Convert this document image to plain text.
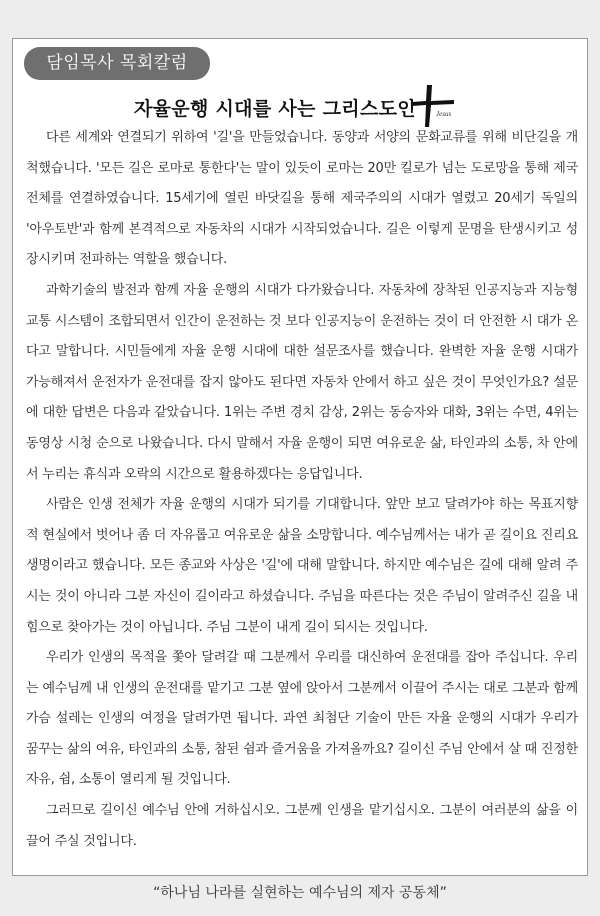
담임목사 목회칼럼
자율운행 시대를 사는 그리스도인	Jesus

다른 세계와 연결되기 위하여 '길'을 만들었습니다. 동양과 서양의 문화교류를 위해 비단길을 개척했습니다. '모든 길은 로마로 통한다'는 말이 있듯이 로마는 20만 킬로가 넘는 도로망을 통해 제국 전체를 연결하였습니다. 15세기에 열린 바닷길을 통해 제국주의의 시대가 열렸고 20세기 독일의 '아우토반'과 함께 본격적으로 자동차의 시대가 시작되었습니다. 길은 이렇게 문명을 탄생시키고 성장시키며 전파하는 역할을 했습니다.

과학기술의 발전과 함께 자율 운행의 시대가 다가왔습니다. 자동차에 장착된 인공지능과 지능형 교통 시스템이 조합되면서 인간이 운전하는 것 보다 인공지능이 운전하는 것이 더 안전한 시 대가 온다고 말합니다. 시민들에게 자율 운행 시대에 대한 설문조사를 했습니다. 완벽한 자율 운행 시대가 가능해져서 운전자가 운전대를 잡지 않아도 된다면 자동차 안에서 하고 싶은 것이 무엇인가요? 설문에 대한 답변은 다음과 같았습니다. 1위는 주변 경치 감상, 2위는 동승자와 대화, 3위는 수면, 4위는 동영상 시청 순으로 나왔습니다. 다시 말해서 자율 운행이 되면 여유로운 삶, 타인과의 소통, 차 안에서 누리는 휴식과 오락의 시간으로 활용하겠다는 응답입니다.

사람은 인생 전체가 자율 운행의 시대가 되기를 기대합니다. 앞만 보고 달려가야 하는 목표지향적 현실에서 벗어나 좀 더 자유롭고 여유로운 삶을 소망합니다. 예수님께서는 내가 곧 길이요 진리요 생명이라고 했습니다. 모든 종교와 사상은 '길'에 대해 말합니다. 하지만 예수님은 길에 대해 알려 주시는 것이 아니라 그분 자신이 길이라고 하셨습니다. 주님을 따른다는 것은 주님이 알려주신 길을 내 힘으로 찾아가는 것이 아닙니다. 주님 그분이 내게 길이 되시는 것입니다.

우리가 인생의 목적을 쫓아 달려갈 때 그분께서 우리를 대신하여 운전대를 잡아 주십니다. 우리는 예수님께 내 인생의 운전대를 맡기고 그분 옆에 앉아서 그분께서 이끌어 주시는 대로 그분과 함께 가슴 설레는 인생의 여정을 달려가면 됩니다. 과연 최첨단 기술이 만든 자율 운행의 시대가 우리가 꿈꾸는 삶의 여유, 타인과의 소통, 참된 쉼과 즐거움을 가져올까요? 길이신 주님 안에서 살 때 진정한 자유, 쉼, 소통이 열리게 될 것입니다.

그러므로 길이신 예수님 안에 거하십시오. 그분께 인생을 맡기십시오. 그분이 여러분의 삶을 이끌어 주실 것입니다.

“하나님 나라를 실현하는 예수님의 제자 공동체”
